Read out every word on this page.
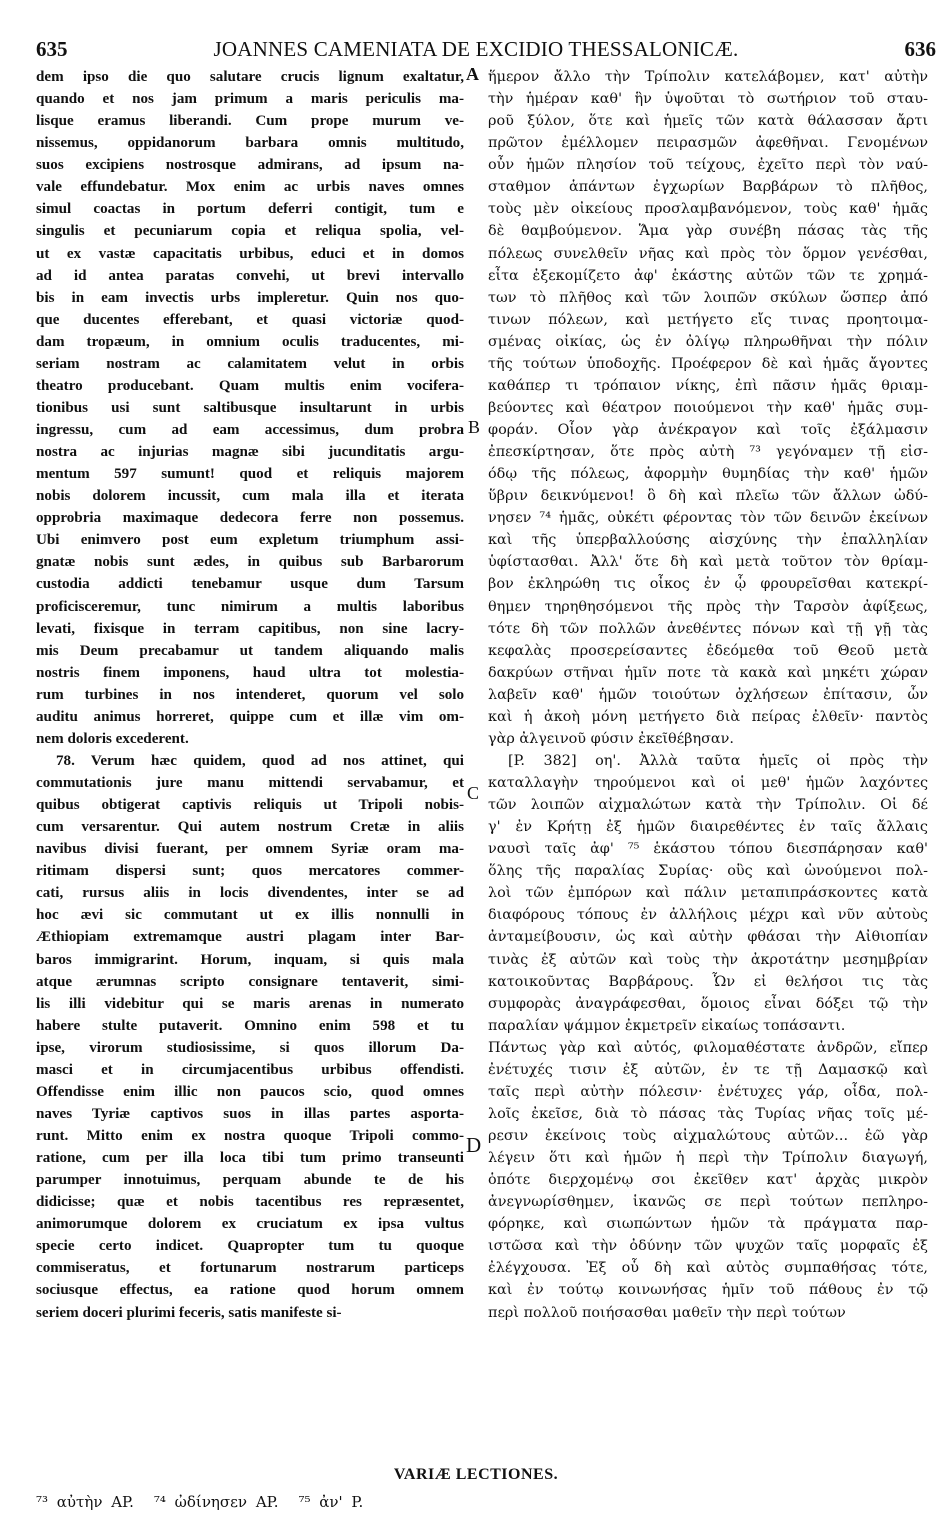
635	JOANNES CAMENIATA DE EXCIDIO THESSALONICÆ.	636
dem ipso die quo salutare crucis lignum exaltatur,
quando et nos jam primum a maris periculis ma-
lisque eramus liberandi. Cum prope murum ve-
nissemus, oppidanorum barbara omnis multitudo,
suos excipiens nostrosque admirans, ad ipsum na-
vale effundebatur. Mox enim ac urbis naves omnes
simul coactas in portum deferri contigit, tum e
singulis et pecuniarum copia et reliqua spolia, vel-
ut ex vastæ capacitatis urbibus, educi et in domos
ad id antea paratas convehi, ut brevi intervallo
bis in eam invectis urbs impleretur. Quin nos quo-
que ducentes efferebant, et quasi victoriæ quod-
dam tropæum, in omnium oculis traducentes, mi-
seriam nostram ac calamitatem velut in orbis
theatro producebant. Quam multis enim vocifera-
tionibus usi sunt saltibusque insultarunt in urbis
ingressu, cum ad eam accessimus, dum probra
nostra ac injurias magnæ sibi jucunditatis argu-
mentum 597 sumunt! quod et reliquis majorem
nobis dolorem incussit, cum mala illa et iterata
opprobria maximaque dedecora ferre non possemus.
Ubi enimvero post eum expletum triumphum assi-
gnatæ nobis sunt ædes, in quibus sub Barbarorum
custodia addicti tenebamur usque dum Tarsum
proficisceremur, tunc nimirum a multis laboribus
levati, fixisque in terram capitibus, non sine lacry-
mis Deum precabamur ut tandem aliquando malis
nostris finem imponens, haud ultra tot molestia-
rum turbines in nos intenderet, quorum vel solo
auditu animus horreret, quippe cum et illæ vim om-
nem doloris excederent.
78. Verum hæc quidem, quod ad nos attinet, qui
commutationis jure manu mittendi servabamur, et
quibus obtigerat captivis reliquis ut Tripoli nobis-
cum versarentur. Qui autem nostrum Cretæ in aliis
navibus divisi fuerant, per omnem Syriæ oram ma-
ritimam dispersi sunt; quos mercatores commer-
cati, rursus aliis in locis divendentes, inter se ad
hoc ævi sic commutant ut ex illis nonnulli in
Æthiopiam extremamque austri plagam inter Bar-
baros immigrarint. Horum, inquam, si quis mala
atque ærumnas scripto consignare tentaverit, simi-
lis illi videbitur qui se maris arenas in numerato
habere stulte putaverit. Omnino enim 598 et tu
ipse, virorum studiosissime, si quos illorum Da-
masci et in circumjacentibus urbibus offendisti.
Offendisse enim illic non paucos scio, quod omnes
naves Tyriæ captivos suos in illas partes asporta-
runt. Mitto enim ex nostra quoque Tripoli commo-
ratione, cum per illa loca tibi tum primo transeunti
parumper innotuimus, perquam abunde te de his
didicisse; quæ et nobis tacentibus res repræsentet,
animorumque dolorem ex cruciatum ex ipsa vultus
specie certo indicet. Quapropter tum tu quoque
commiseratus, et fortunarum nostrarum particeps
sociusque effectus, ea ratione quod horum omnem
seriem doceri plurimi feceris, satis manifeste si-
ἥμερον ἄλλο τὴν Τρίπολιν κατελάβομεν, κατ' αὐτὴν
τὴν ἡμέραν καθ' ἣν ὑψοῦται τὸ σωτήριον τοῦ σταυ-
ροῦ ξύλον, ὅτε καὶ ἡμεῖς τῶν κατὰ θάλασσαν ἄρτι
πρῶτον ἐμέλλομεν πειρασμῶν ἀφεθῆναι. Γενομένων
οὖν ἡμῶν πλησίον τοῦ τείχους, ἐχεῖτο περὶ τὸν ναύ-
σταθμον ἁπάντων ἐγχωρίων Βαρβάρων τὸ πλῆθος,
τοὺς μὲν οἰκείους προσλαμβανόμενον, τοὺς καθ' ἡμᾶς
δὲ θαμβούμενον. Ἅμα γὰρ συνέβη πάσας τὰς τῆς
πόλεως συνελθεῖν νῆας καὶ πρὸς τὸν ὅρμον γενέσθαι,
εἶτα ἐξεκομίζετο ἀφ' ἑκάστης αὐτῶν τῶν τε χρημά-
των τὸ πλῆθος καὶ τῶν λοιπῶν σκύλων ὥσπερ ἀπό
τινων πόλεων, καὶ μετήγετο εἴς τινας προητοιμα-
σμένας οἰκίας, ὡς ἐν ὀλίγῳ πληρωθῆναι τὴν πόλιν
τῆς τούτων ὑποδοχῆς. Προέφερον δὲ καὶ ἡμᾶς ἄγοντες
καθάπερ τι τρόπαιον νίκης, ἐπὶ πᾶσιν ἡμᾶς θριαμ-
βεύοντες καὶ θέατρον ποιούμενοι τὴν καθ' ἡμᾶς συμ-
φοράν. Οἷον γὰρ ἀνέκραγον καὶ τοῖς ἐξάλμασιν
ἐπεσκίρτησαν, ὅτε πρὸς αὐτὴ ⁷³ γεγόναμεν τῇ εἰσ-
όδῳ τῆς πόλεως, ἀφορμὴν θυμηδίας τὴν καθ' ἡμῶν
ὕβριν δεικνύμενοι! ὃ δὴ καὶ πλεῖω τῶν ἄλλων ὠδύ-
νησεν ⁷⁴ ἡμᾶς, οὐκέτι φέροντας τὸν τῶν δεινῶν ἐκείνων
καὶ τῆς ὑπερβαλλούσης αἰσχύνης τὴν ἐπαλληλίαν
ὑφίστασθαι. Ἀλλ' ὅτε δὴ καὶ μετὰ τοῦτον τὸν θρίαμ-
βον ἐκληρώθη τις οἶκος ἐν ᾧ φρουρεῖσθαι κατεκρί-
θημεν τηρηθησόμενοι τῆς πρὸς τὴν Ταρσὸν ἀφίξεως,
τότε δὴ τῶν πολλῶν ἀνεθέντες πόνων καὶ τῇ γῇ τὰς
κεφαλὰς προσερείσαντες ἐδεόμεθα τοῦ Θεοῦ μετὰ
δακρύων στῆναι ἡμῖν ποτε τὰ κακὰ καὶ μηκέτι χώραν
λαβεῖν καθ' ἡμῶν τοιούτων ὀχλήσεων ἐπίτασιν, ὧν
καὶ ἡ ἀκοὴ μόνη μετήγετο διὰ πείρας ἐλθεῖν· παντὸς
γὰρ ἀλγεινοῦ φύσιν ἐκεῖθέβησαν.
[P. 382] οη'. Ἀλλὰ ταῦτα ἡμεῖς οἱ πρὸς τὴν
καταλλαγὴν τηρούμενοι καὶ οἱ μεθ' ἡμῶν λαχόντες
τῶν λοιπῶν αἰχμαλώτων κατὰ τὴν Τρίπολιν. Οἱ δέ
γ' ἐν Κρήτῃ ἐξ ἡμῶν διαιρεθέντες ἐν ταῖς ἄλλαις
ναυσὶ ταῖς ἀφ' ⁷⁵ ἑκάστου τόπου διεσπάρησαν καθ'
ὅλης τῆς παραλίας Συρίας· οὓς καὶ ὠνούμενοι πολ-
λοὶ τῶν ἐμπόρων καὶ πάλιν μεταπιπράσκοντες κατὰ
διαφόρους τόπους ἐν ἀλλήλοις μέχρι καὶ νῦν αὐτοὺς
ἀνταμείβουσιν, ὡς καὶ αὐτὴν φθάσαι τὴν Αἰθιοπίαν
τινὰς ἐξ αὐτῶν καὶ τοὺς τὴν ἀκροτάτην μεσημβρίαν
κατοικοῦντας Βαρβάρους. Ὧν εἰ θελήσοι τις τὰς
συμφορὰς ἀναγράφεσθαι, ὅμοιος εἶναι δόξει τῷ τὴν
παραλίαν ψάμμον ἐκμετρεῖν εἰκαίως τοπάσαντι.
Πάντως γὰρ καὶ αὐτός, φιλομαθέστατε ἀνδρῶν, εἴπερ
ἐνέτυχές τισιν ἐξ αὐτῶν, ἐν τε τῇ Δαμασκῷ καὶ
ταῖς περὶ αὐτὴν πόλεσιν· ἐνέτυχες γάρ, οἶδα, πολ-
λοῖς ἐκεῖσε, διὰ τὸ πάσας τὰς Τυρίας νῆας τοῖς μέ-
ρεσιν ἐκείνοις τοὺς αἰχμαλώτους αὐτῶν... ἐῶ γὰρ
λέγειν ὅτι καὶ ἡμῶν ἡ περὶ τὴν Τρίπολιν διαγωγή,
ὁπότε διερχομένῳ σοι ἐκεῖθεν κατ' ἀρχὰς μικρὸν
ἀνεγνωρίσθημεν, ἱκανῶς σε περὶ τούτων πεπληρο-
φόρηκε, καὶ σιωπώντων ἡμῶν τὰ πράγματα παρ-
ιστῶσα καὶ τὴν ὀδύνην τῶν ψυχῶν ταῖς μορφαῖς ἐξ
ἐλέγχουσα. Ἐξ οὗ δὴ καὶ αὐτὸς συμπαθήσας τότε,
καὶ ἐν τούτῳ κοινωνήσας ἡμῖν τοῦ πάθους ἐν τῷ
περὶ πολλοῦ ποιήσασθαι μαθεῖν τὴν περὶ τούτων
A
B
C
D
VARIÆ LECTIONES.
⁷³ αὐτὴν AP. ⁷⁴ ὠδίνησεν AP. ⁷⁵ ἀν' P.
